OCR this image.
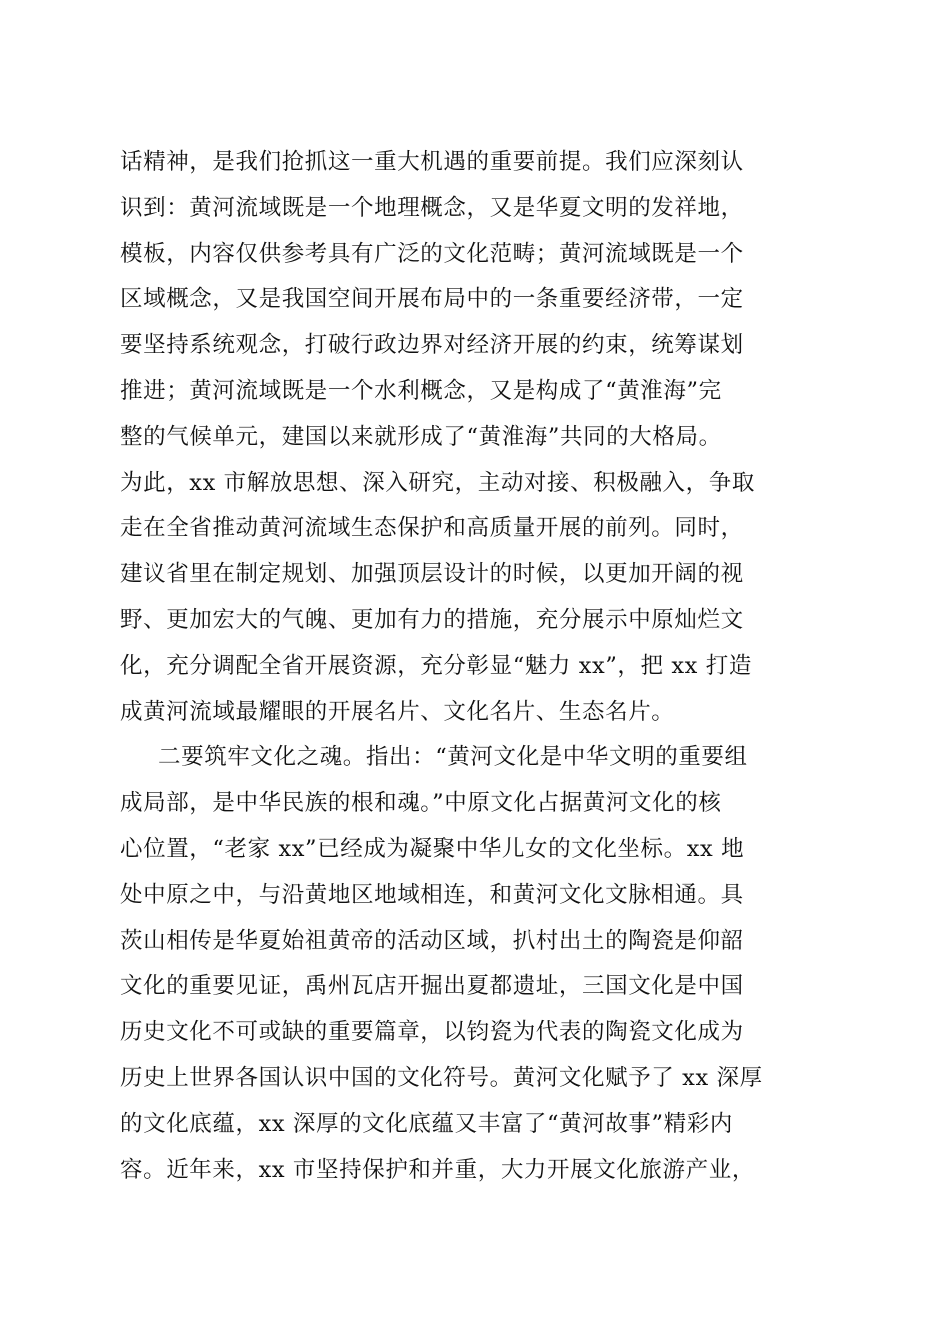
话精神，是我们抢抓这一重大机遇的重要前提。我们应深刻认
识到：黄河流域既是一个地理概念，又是华夏文明的发祥地，
模板，内容仅供参考具有广泛的文化范畴；黄河流域既是一个
区域概念，又是我国空间开展布局中的一条重要经济带，一定
要坚持系统观念，打破行政边界对经济开展的约束，统筹谋划
推进；黄河流域既是一个水利概念，又是构成了“黄淮海”完
整的气候单元，建国以来就形成了“黄淮海”共同的大格局。
为此，xx 市解放思想、深入研究，主动对接、积极融入，争取
走在全省推动黄河流域生态保护和高质量开展的前列。同时，
建议省里在制定规划、加强顶层设计的时候，以更加开阔的视
野、更加宏大的气魄、更加有力的措施，充分展示中原灿烂文
化，充分调配全省开展资源，充分彰显“魅力 xx”，把 xx 打造
成黄河流域最耀眼的开展名片、文化名片、生态名片。
二要筑牢文化之魂。指出：“黄河文化是中华文明的重要组
成局部，是中华民族的根和魂。”中原文化占据黄河文化的核
心位置，“老家 xx”已经成为凝聚中华儿女的文化坐标。xx 地
处中原之中，与沿黄地区地域相连，和黄河文化文脉相通。具
茨山相传是华夏始祖黄帝的活动区域，扒村出土的陶瓷是仰韶
文化的重要见证，禹州瓦店开掘出夏都遗址，三国文化是中国
历史文化不可或缺的重要篇章，以钧瓷为代表的陶瓷文化成为
历史上世界各国认识中国的文化符号。黄河文化赋予了 xx 深厚
的文化底蕴，xx 深厚的文化底蕴又丰富了“黄河故事”精彩内
容。近年来，xx 市坚持保护和并重，大力开展文化旅游产业，
